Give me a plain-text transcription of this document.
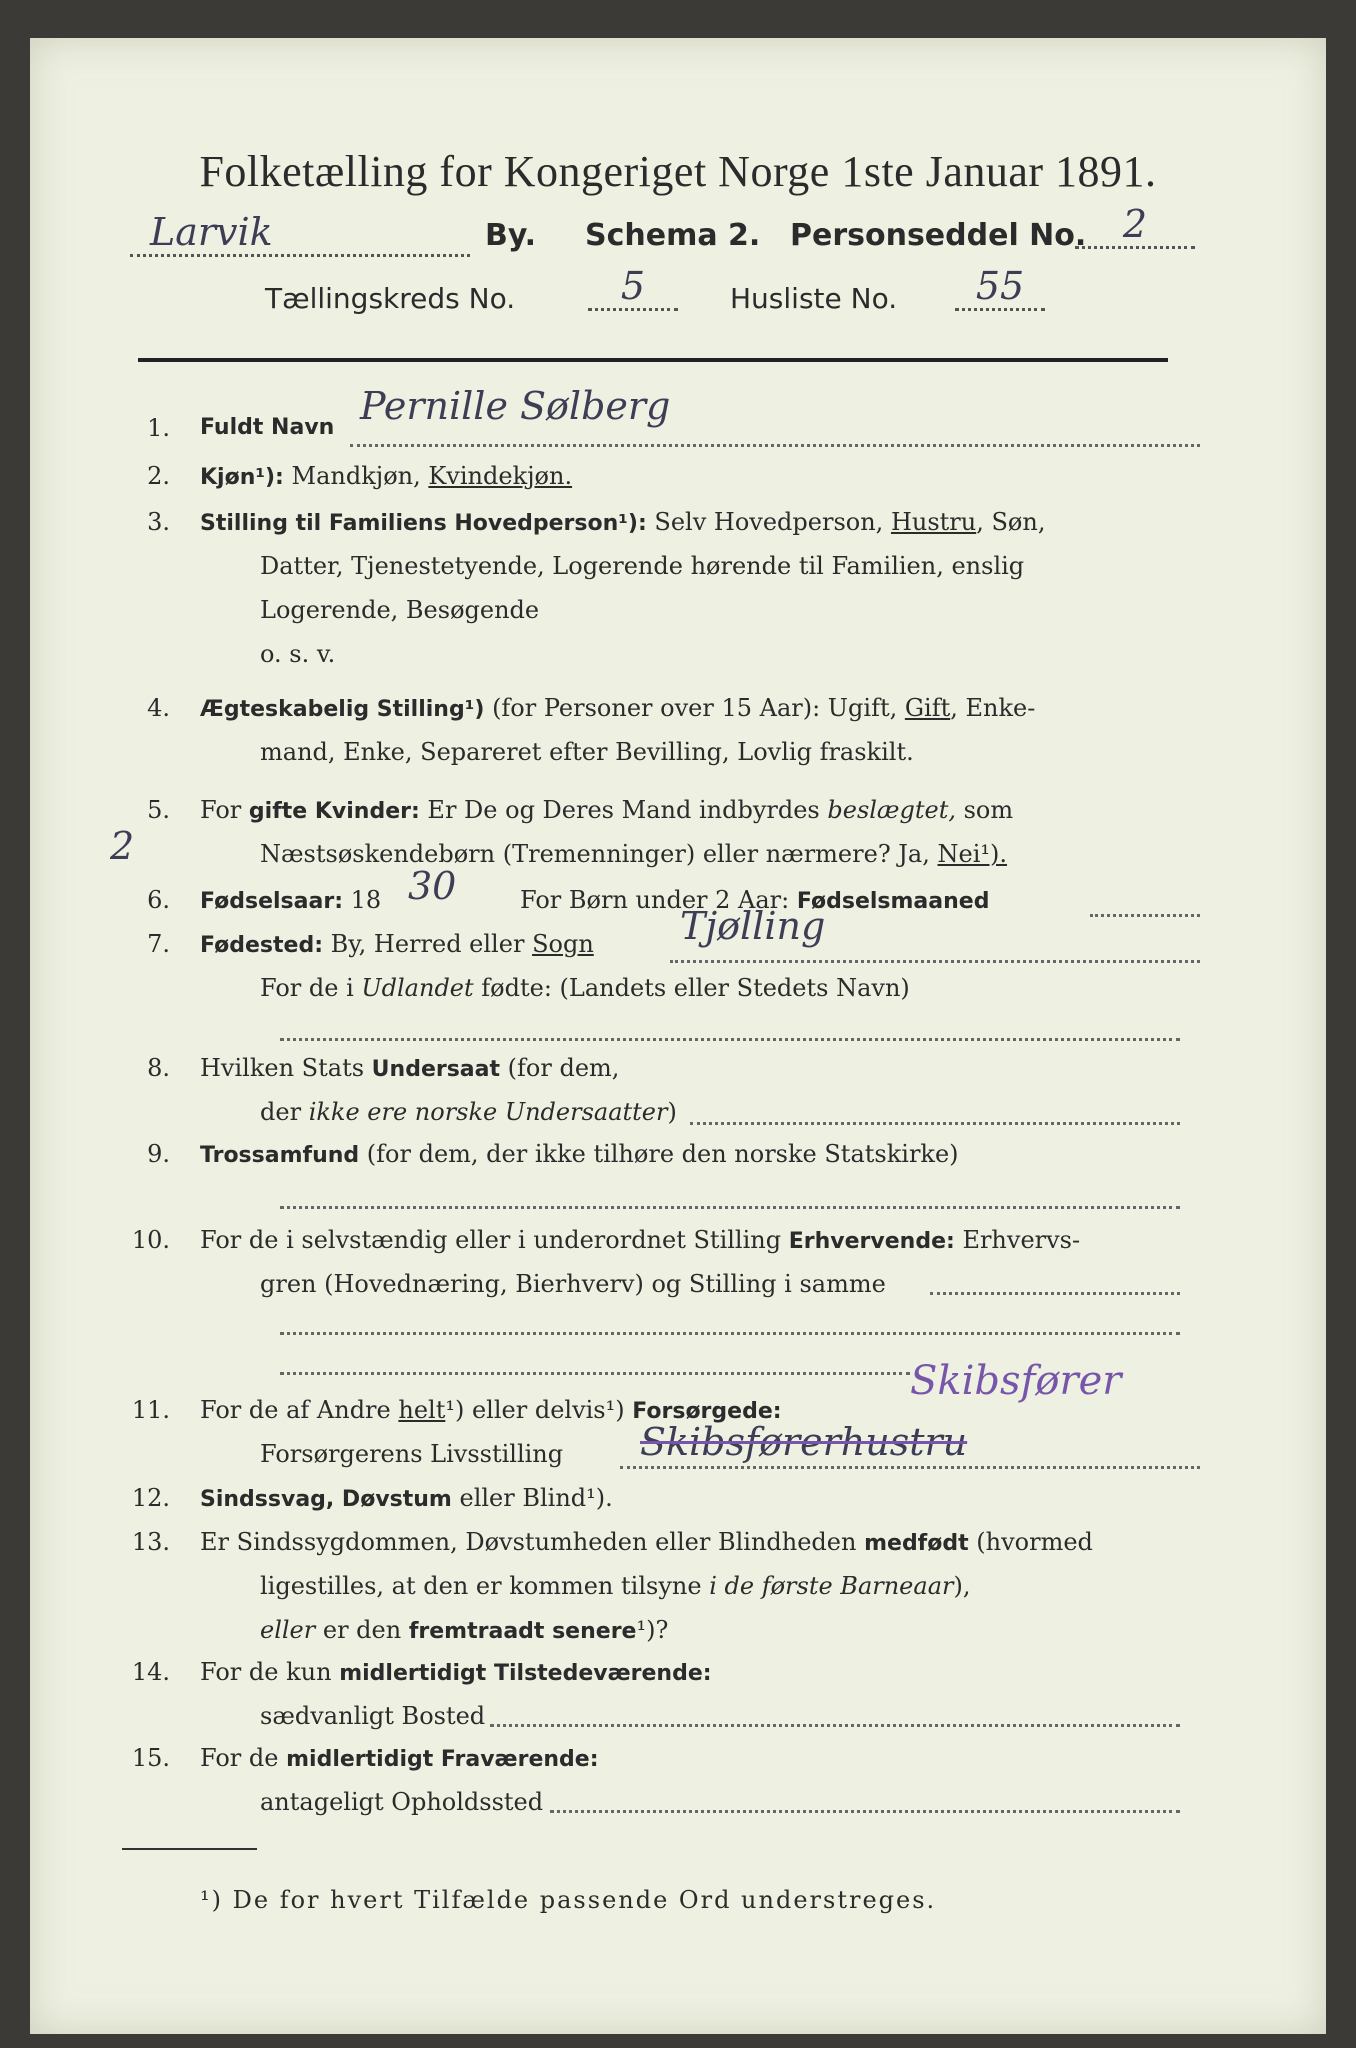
Folketælling for Kongeriget Norge 1ste Januar 1891.
Larvik	By. Schema 2. Personseddel No. 2
Tællingskreds No.	5	Husliste No.	55
1. Fuldt Navn Pernille Sølberg
2. Kjøn¹): Mandkjøn, Kvindekjøn.
3. Stilling til Familiens Hovedperson¹): Selv Hovedperson, Hustru, Søn,
Datter, Tjenestetyende, Logerende hørende til Familien, enslig
Logerende, Besøgende
o. s. v.
4. Ægteskabelig Stilling¹) (for Personer over 15 Aar): Ugift, Gift, Enke-
mand, Enke, Separeret efter Bevilling, Lovlig fraskilt.
5. For gifte Kvinder: Er De og Deres Mand indbyrdes beslægtet, som
Næstsøskendebørn (Tremenninger) eller nærmere? Ja, Nei¹).
2
6. Fødselsaar: 18 30	For Børn under 2 Aar: Fødselsmaaned
7. Fødested: By, Herred eller Sogn Tjølling
For de i Udlandet fødte: (Landets eller Stedets Navn)
8. Hvilken Stats Undersaat (for dem,
der ikke ere norske Undersaatter)
9. Trossamfund (for dem, der ikke tilhøre den norske Statskirke)
10. For de i selvstændig eller i underordnet Stilling Erhvervende: Erhvervs-
gren (Hovednæring, Bierhverv) og Stilling i samme
Skibsfører
11. For de af Andre helt¹) eller delvis¹) Forsørgede:
Forsørgerens Livsstilling Skibsførerhustru
12. Sindssvag, Døvstum eller Blind¹).
13. Er Sindssygdommen, Døvstumheden eller Blindheden medfødt (hvormed
ligestilles, at den er kommen tilsyne i de første Barneaar),
eller er den fremtraadt senere¹)?
14. For de kun midlertidigt Tilstedeværende:
sædvanligt Bosted
15. For de midlertidigt Fraværende:
antageligt Opholdssted
¹) De for hvert Tilfælde passende Ord understreges.
